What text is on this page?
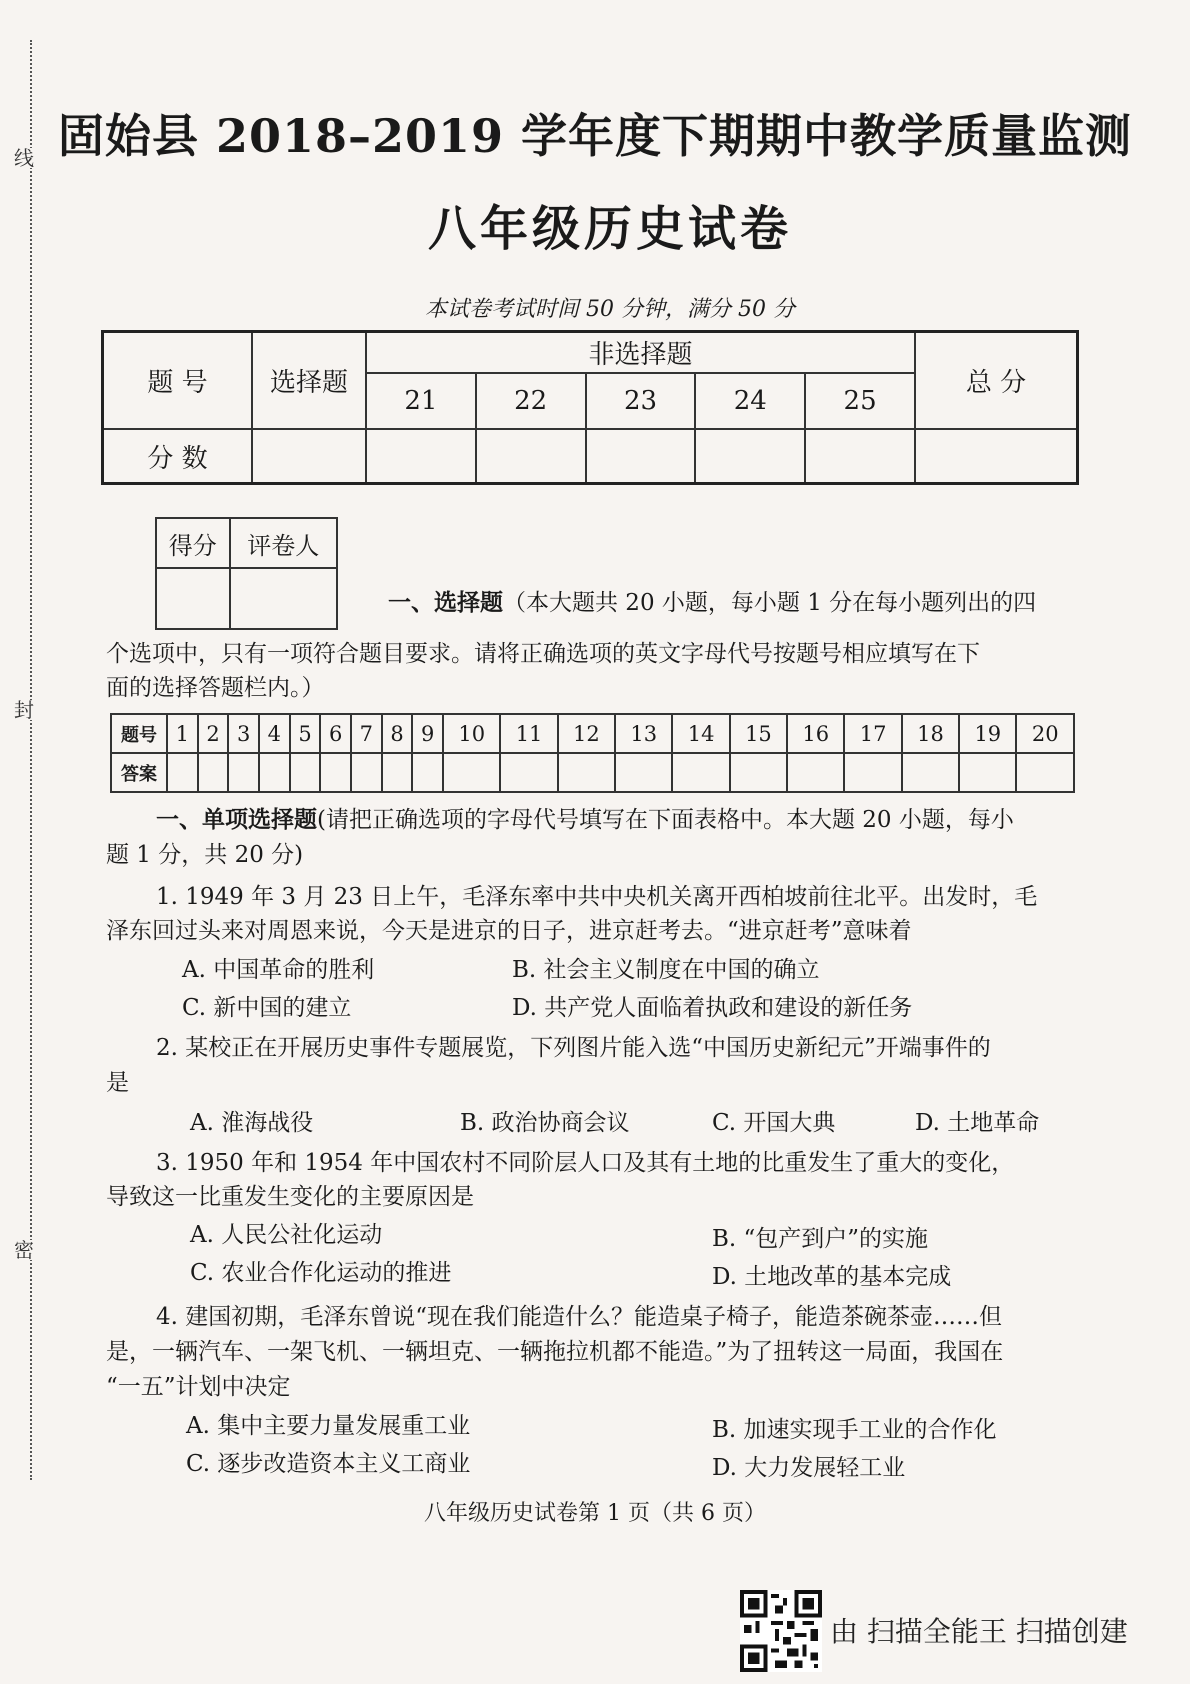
线
封
密
固始县 2018–2019 学年度下期期中教学质量监测
八年级历史试卷
本试卷考试时间 50 分钟，满分 50 分
题 号	选择题	非选择题					总 分
		21	22	23	24	25	
分 数							
得分	评卷人

一、选择题（本大题共 20 小题，每小题 1 分在每小题列出的四
个选项中，只有一项符合题目要求。请将正确选项的英文字母代号按题号相应填写在下
面的选择答题栏内。）
题号	1	2	3	4	5	6	7	8	9	10	11	12	13	14	15	16	17	18	19	20
答案																				
一、单项选择题(请把正确选项的字母代号填写在下面表格中。本大题 20 小题，每小
题 1 分，共 20 分)
1. 1949 年 3 月 23 日上午，毛泽东率中共中央机关离开西柏坡前往北平。出发时，毛
泽东回过头来对周恩来说，今天是进京的日子，进京赶考去。“进京赶考”意味着
A. 中国革命的胜利	B. 社会主义制度在中国的确立
C. 新中国的建立	D. 共产党人面临着执政和建设的新任务
2. 某校正在开展历史事件专题展览，下列图片能入选“中国历史新纪元”开端事件的
是
A. 淮海战役	B. 政治协商会议	C. 开国大典	D. 土地革命
3. 1950 年和 1954 年中国农村不同阶层人口及其有土地的比重发生了重大的变化，
导致这一比重发生变化的主要原因是
A. 人民公社化运动	B. “包产到户”的实施
C. 农业合作化运动的推进	D. 土地改革的基本完成
4. 建国初期，毛泽东曾说“现在我们能造什么？能造桌子椅子，能造茶碗茶壶……但
是，一辆汽车、一架飞机、一辆坦克、一辆拖拉机都不能造。”为了扭转这一局面，我国在
“一五”计划中决定
A. 集中主要力量发展重工业	B. 加速实现手工业的合作化
C. 逐步改造资本主义工商业	D. 大力发展轻工业
八年级历史试卷第 1 页（共 6 页）
由 扫描全能王 扫描创建
